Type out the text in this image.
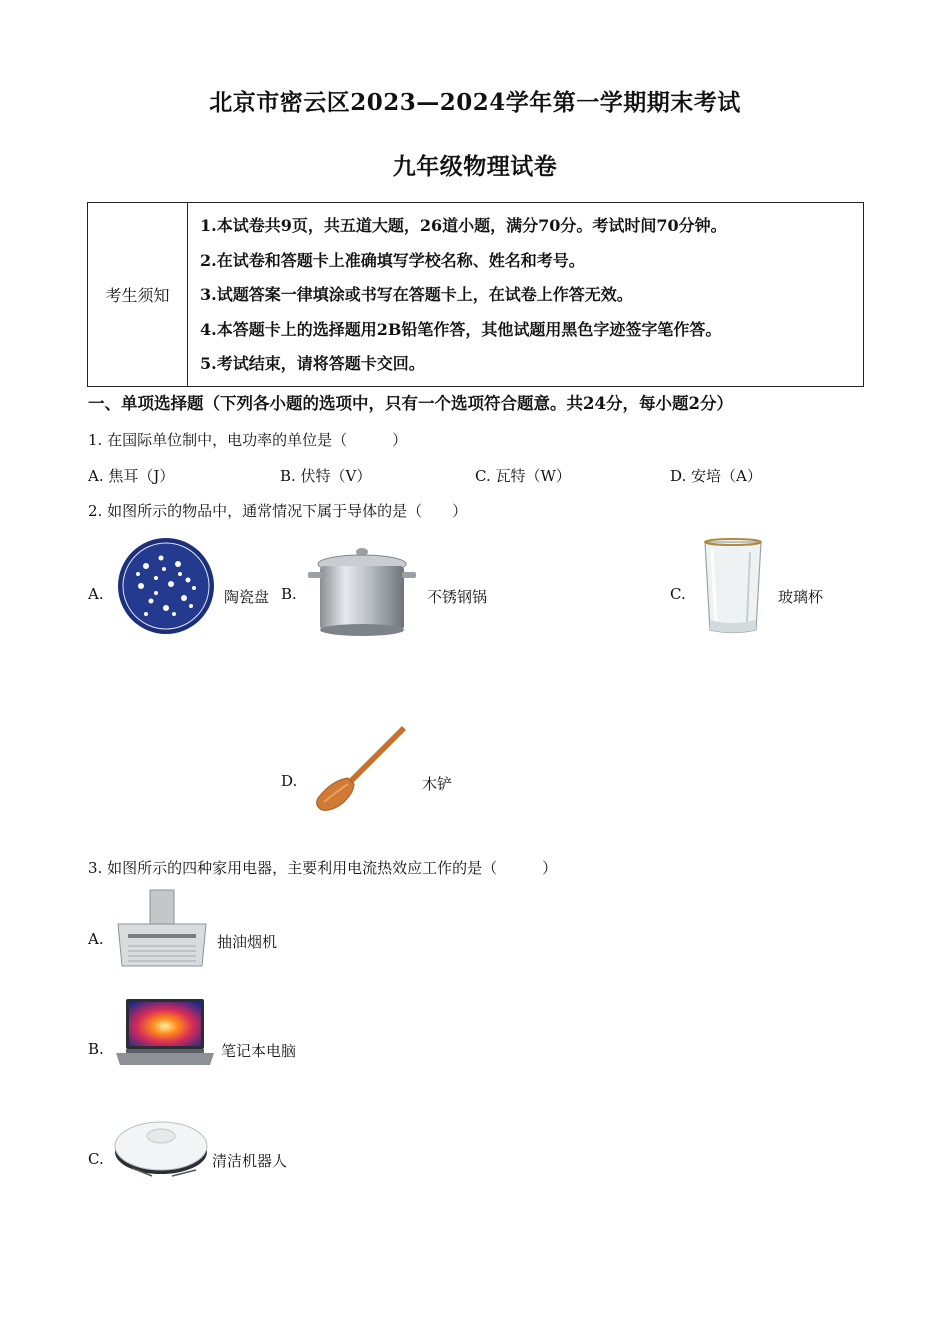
北京市密云区2023—2024学年第一学期期末考试
九年级物理试卷
考生须知
1.本试卷共9页，共五道大题，26道小题，满分70分。考试时间70分钟。
2.在试卷和答题卡上准确填写学校名称、姓名和考号。
3.试题答案一律填涂或书写在答题卡上，在试卷上作答无效。
4.本答题卡上的选择题用2B铅笔作答，其他试题用黑色字迹签字笔作答。
5.考试结束，请将答题卡交回。
一、单项选择题（下列各小题的选项中，只有一个选项符合题意。共24分，每小题2分）
1. 在国际单位制中，电功率的单位是（　　　）
A. 焦耳（J）	B. 伏特（V）	C. 瓦特（W）	D. 安培（A）
2. 如图所示的物品中，通常情况下属于导体的是（　　）
A.	陶瓷盘 B.	不锈钢锅	C.	玻璃杯
D.	木铲
3. 如图所示的四种家用电器，主要利用电流热效应工作的是（　　　）
A.	抽油烟机
B.	笔记本电脑
C.	清洁机器人
